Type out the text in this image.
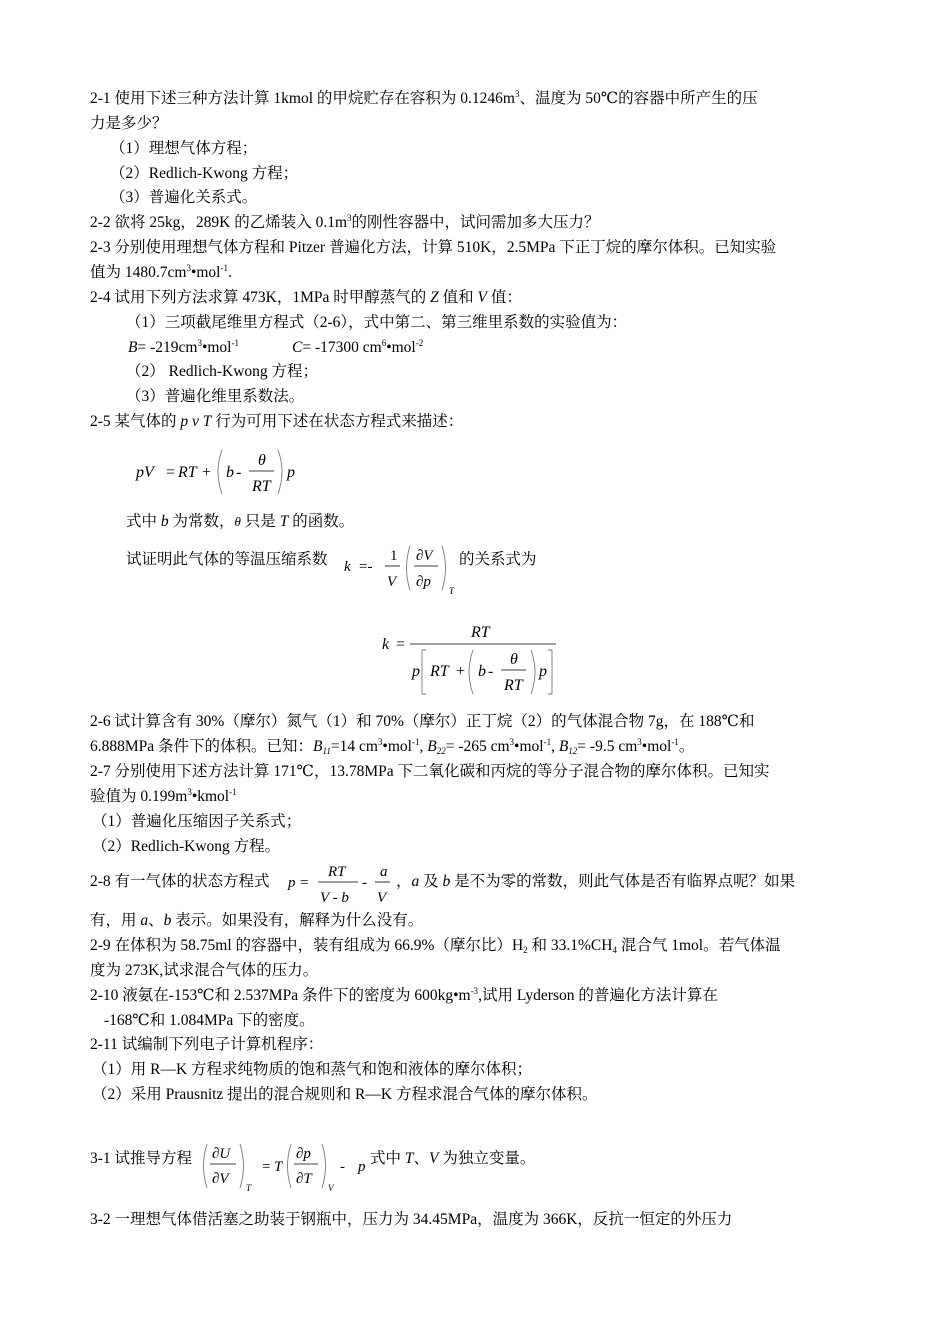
2-1 使用下述三种方法计算 1kmol 的甲烷贮存在容积为 $0.1246m^3$、温度为 50℃的容器中所产生的压
力是多少？
（1）理想气体方程；
（2）Redlich-Kwong 方程；
（3）普遍化关系式。
2-2 欲将 25kg，289K 的乙烯装入 $0.1m^3$的刚性容器中，试问需加多大压力？
2-3 分别使用理想气体方程和 Pitzer 普遍化方法，计算 510K，2.5MPa 下正丁烷的摩尔体积。已知实验
值为 $1480.7cm^3•mol^{-1}$.
2-4 试用下列方法求算 473K，1MPa 时甲醇蒸气的 Z 值和 V 值：
（1）三项截尾维里方程式（2-6），式中第二、第三维里系数的实验值为：
$B= -219cm^3•mol^{-1}$	C= -17300 $cm^6•mol^{-2}$
（2） Redlich-Kwong 方程；
（3）普遍化维里系数法。
2-5 某气体的 p v T 行为可用下述在状态方程式来描述：
pV = RT + b -
θ
RT
p
式中 b 为常数，θ 只是 T 的函数。
试证明此气体的等温压缩系数 k =-
1
V
∂V
∂p
T
的关系式为
k =
RT
p RT + b -
θ
RT
p
2-6 试计算含有 30%（摩尔）氮气（1）和 70%（摩尔）正丁烷（2）的气体混合物 7g，在 188℃和
6.888MPa 条件下的体积。已知：$B_{11}=14$ $cm^3•mol^{-1}$, $B_{22}= -265$ $cm^3•mol^{-1}$, $B_{12}= -9.5$ $cm^3•mol^{-1}$。
2-7 分别使用下述方法计算 171℃，13.78MPa 下二氧化碳和丙烷的等分子混合物的摩尔体积。已知实
验值为 $0.199m^3•kmol^{-1}$
（1）普遍化压缩因子关系式；
（2）Redlich-Kwong 方程。
2-8 有一气体的状态方程式 p =
RT
V - b
-
a
V
，a 及 b 是不为零的常数，则此气体是否有临界点呢？如果
有，用 a、b 表示。如果没有，解释为什么没有。
2-9 在体积为 58.75ml 的容器中，装有组成为 66.9%（摩尔比）$H_2$ 和 $33.1\%CH_4$ 混合气 1mol。若气体温
度为 273K,试求混合气体的压力。
2-10 液氨在-153℃和 2.537MPa 条件下的密度为 $600kg•m^{-3}$,试用 Lyderson 的普遍化方法计算在
-168℃和 1.084MPa 下的密度。
2-11 试编制下列电子计算机程序：
（1）用 R—K 方程求纯物质的饱和蒸气和饱和液体的摩尔体积；
（2）采用 Prausnitz 提出的混合规则和 R—K 方程求混合气体的摩尔体积。
3-1 试推导方程 ∂U
∂V
T
= T
∂p
∂T
V
- p 式中 T、V 为独立变量。
3-2 一理想气体借活塞之助装于钢瓶中，压力为 34.45MPa，温度为 366K，反抗一恒定的外压力
